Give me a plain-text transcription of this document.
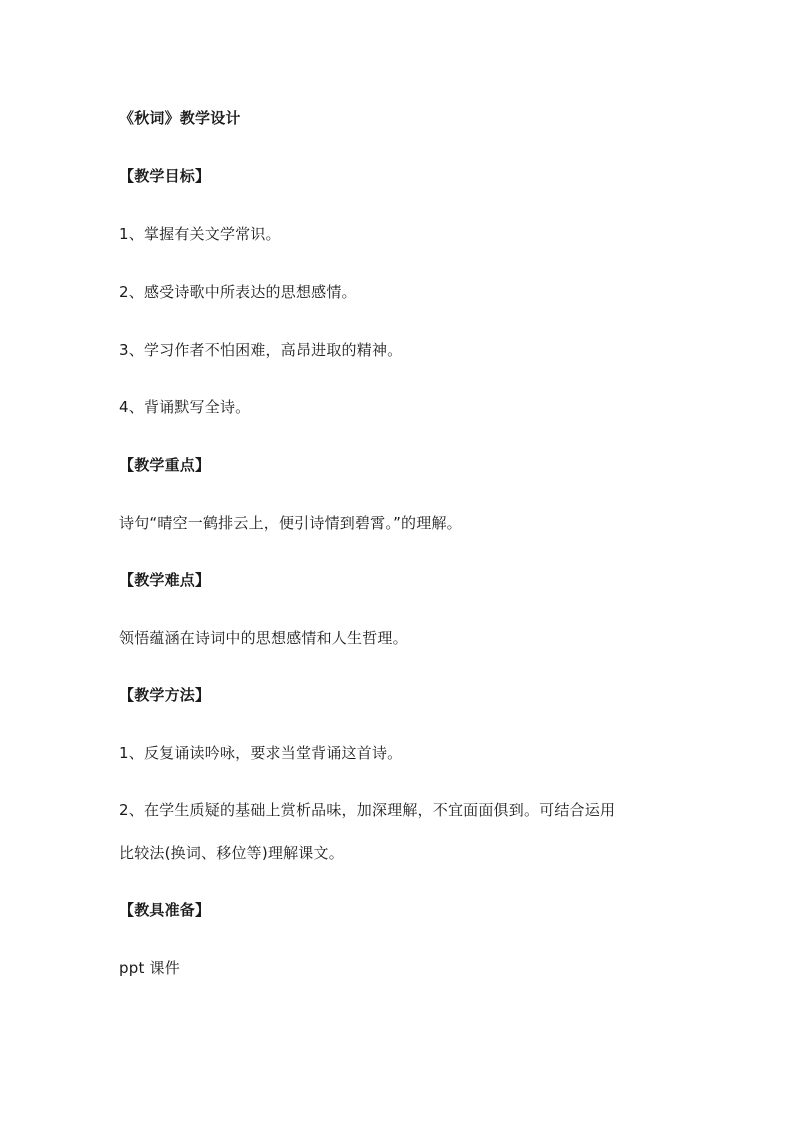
《秋词》教学设计
【教学目标】
1、掌握有关文学常识。
2、感受诗歌中所表达的思想感情。
3、学习作者不怕困难，高昂进取的精神。
4、背诵默写全诗。
【教学重点】
诗句“晴空一鹤排云上，便引诗情到碧霄。”的理解。
【教学难点】
领悟蕴涵在诗词中的思想感情和人生哲理。
【教学方法】
1、反复诵读吟咏，要求当堂背诵这首诗。
2、在学生质疑的基础上赏析品味，加深理解，不宜面面俱到。可结合运用
比较法(换词、移位等)理解课文。
【教具准备】
ppt 课件
